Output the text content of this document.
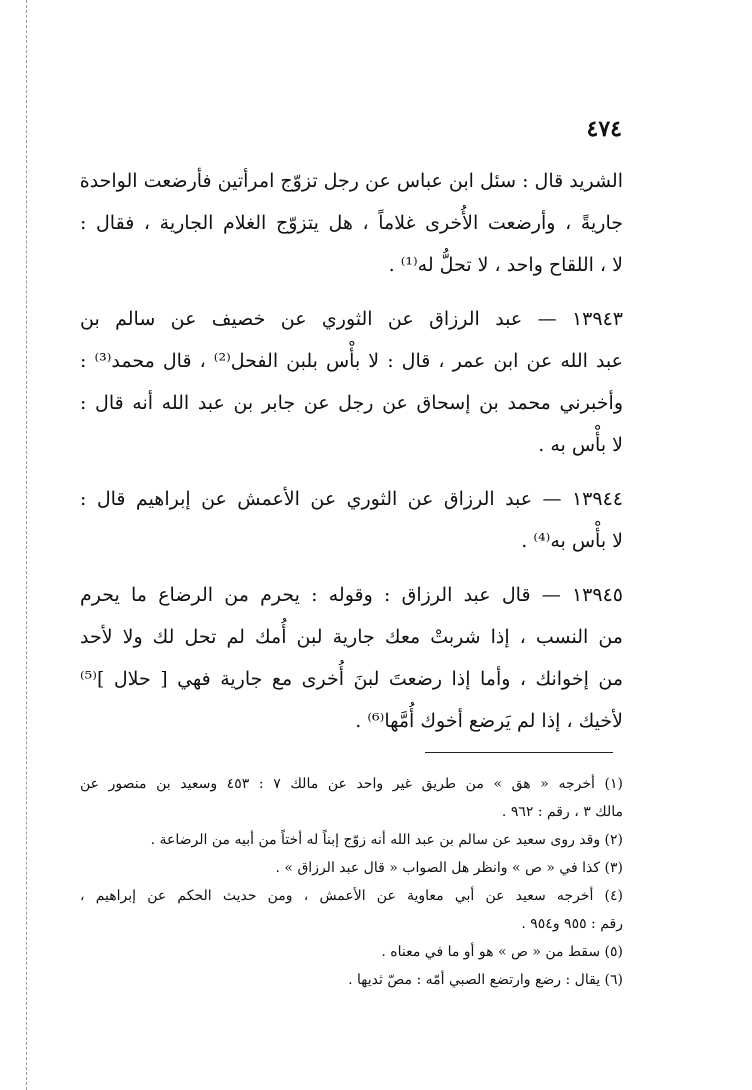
٤٧٤
الشريد قال : سئل ابن عباس عن رجل تزوّج امرأتين فأرضعت الواحدة
جاريةً ، وأرضعت الأُخرى غلاماً ، هل يتزوّج الغلام الجارية ، فقال :
لا ، اللقاح واحد ، لا تحلُّ له⁽¹⁾ .
١٣٩٤٣ — عبد الرزاق عن الثوري عن خصيف عن سالم بن
عبد الله عن ابن عمر ، قال : لا بأْس بلبن الفحل⁽²⁾ ، قال محمد⁽³⁾ :
وأخبرني محمد بن إسحاق عن رجل عن جابر بن عبد الله أنه قال :
لا بأْس به .
١٣٩٤٤ — عبد الرزاق عن الثوري عن الأعمش عن إبراهيم قال :
لا بأْس به⁽⁴⁾ .
١٣٩٤٥ — قال عبد الرزاق : وقوله : يحرم من الرضاع ما يحرم
من النسب ، إذا شربتْ معك جارية لبن أُمك لم تحل لك ولا لأحد
من إخوانك ، وأما إذا رضعتَ لبنَ أُخرى مع جارية فهي [ حلال ]⁽⁵⁾
لأخيك ، إذا لم يَرضع أخوك أُمَّها⁽⁶⁾ .
(١) أخرجه « هق » من طريق غير واحد عن مالك ٧ : ٤٥٣ وسعيد بن منصور عن
مالك ٣ ، رقم : ٩٦٢ .
(٢) وقد روى سعيد عن سالم بن عبد الله أنه زوّج إبناً له أختاً من أبيه من الرضاعة .
(٣) كذا في « ص » وانظر هل الصواب « قال عبد الرزاق » .
(٤) أخرجه سعيد عن أبي معاوية عن الأعمش ، ومن حديث الحكم عن إبراهيم ،
رقم : ٩٥٥ و٩٥٤ .
(٥) سقط من « ص » هو أو ما في معناه .
(٦) يقال : رضع وارتضع الصبي أمّه : مصّ ثديها .
